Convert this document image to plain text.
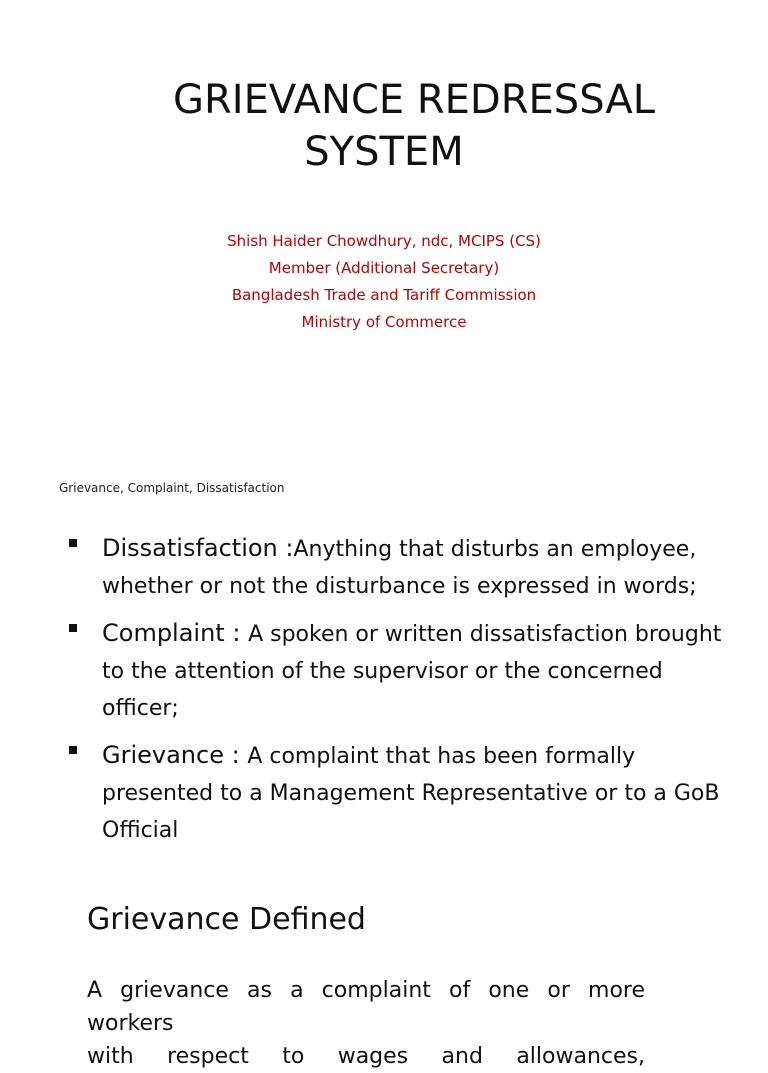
GRIEVANCE REDRESSAL
SYSTEM
Shish Haider Chowdhury, ndc, MCIPS (CS)
Member (Additional Secretary)
Bangladesh Trade and Tariff Commission
Ministry of Commerce
Grievance, Complaint, Dissatisfaction
Dissatisfaction :Anything that disturbs an employee, whether or not the disturbance is expressed in words;
Complaint : A spoken or written dissatisfaction brought to the attention of the supervisor or the concerned officer;
Grievance : A complaint that has been formally presented to a Management Representative or to a GoB Official
Grievance Defined
A grievance as a complaint of one or more workers
with respect to wages and allowances,
